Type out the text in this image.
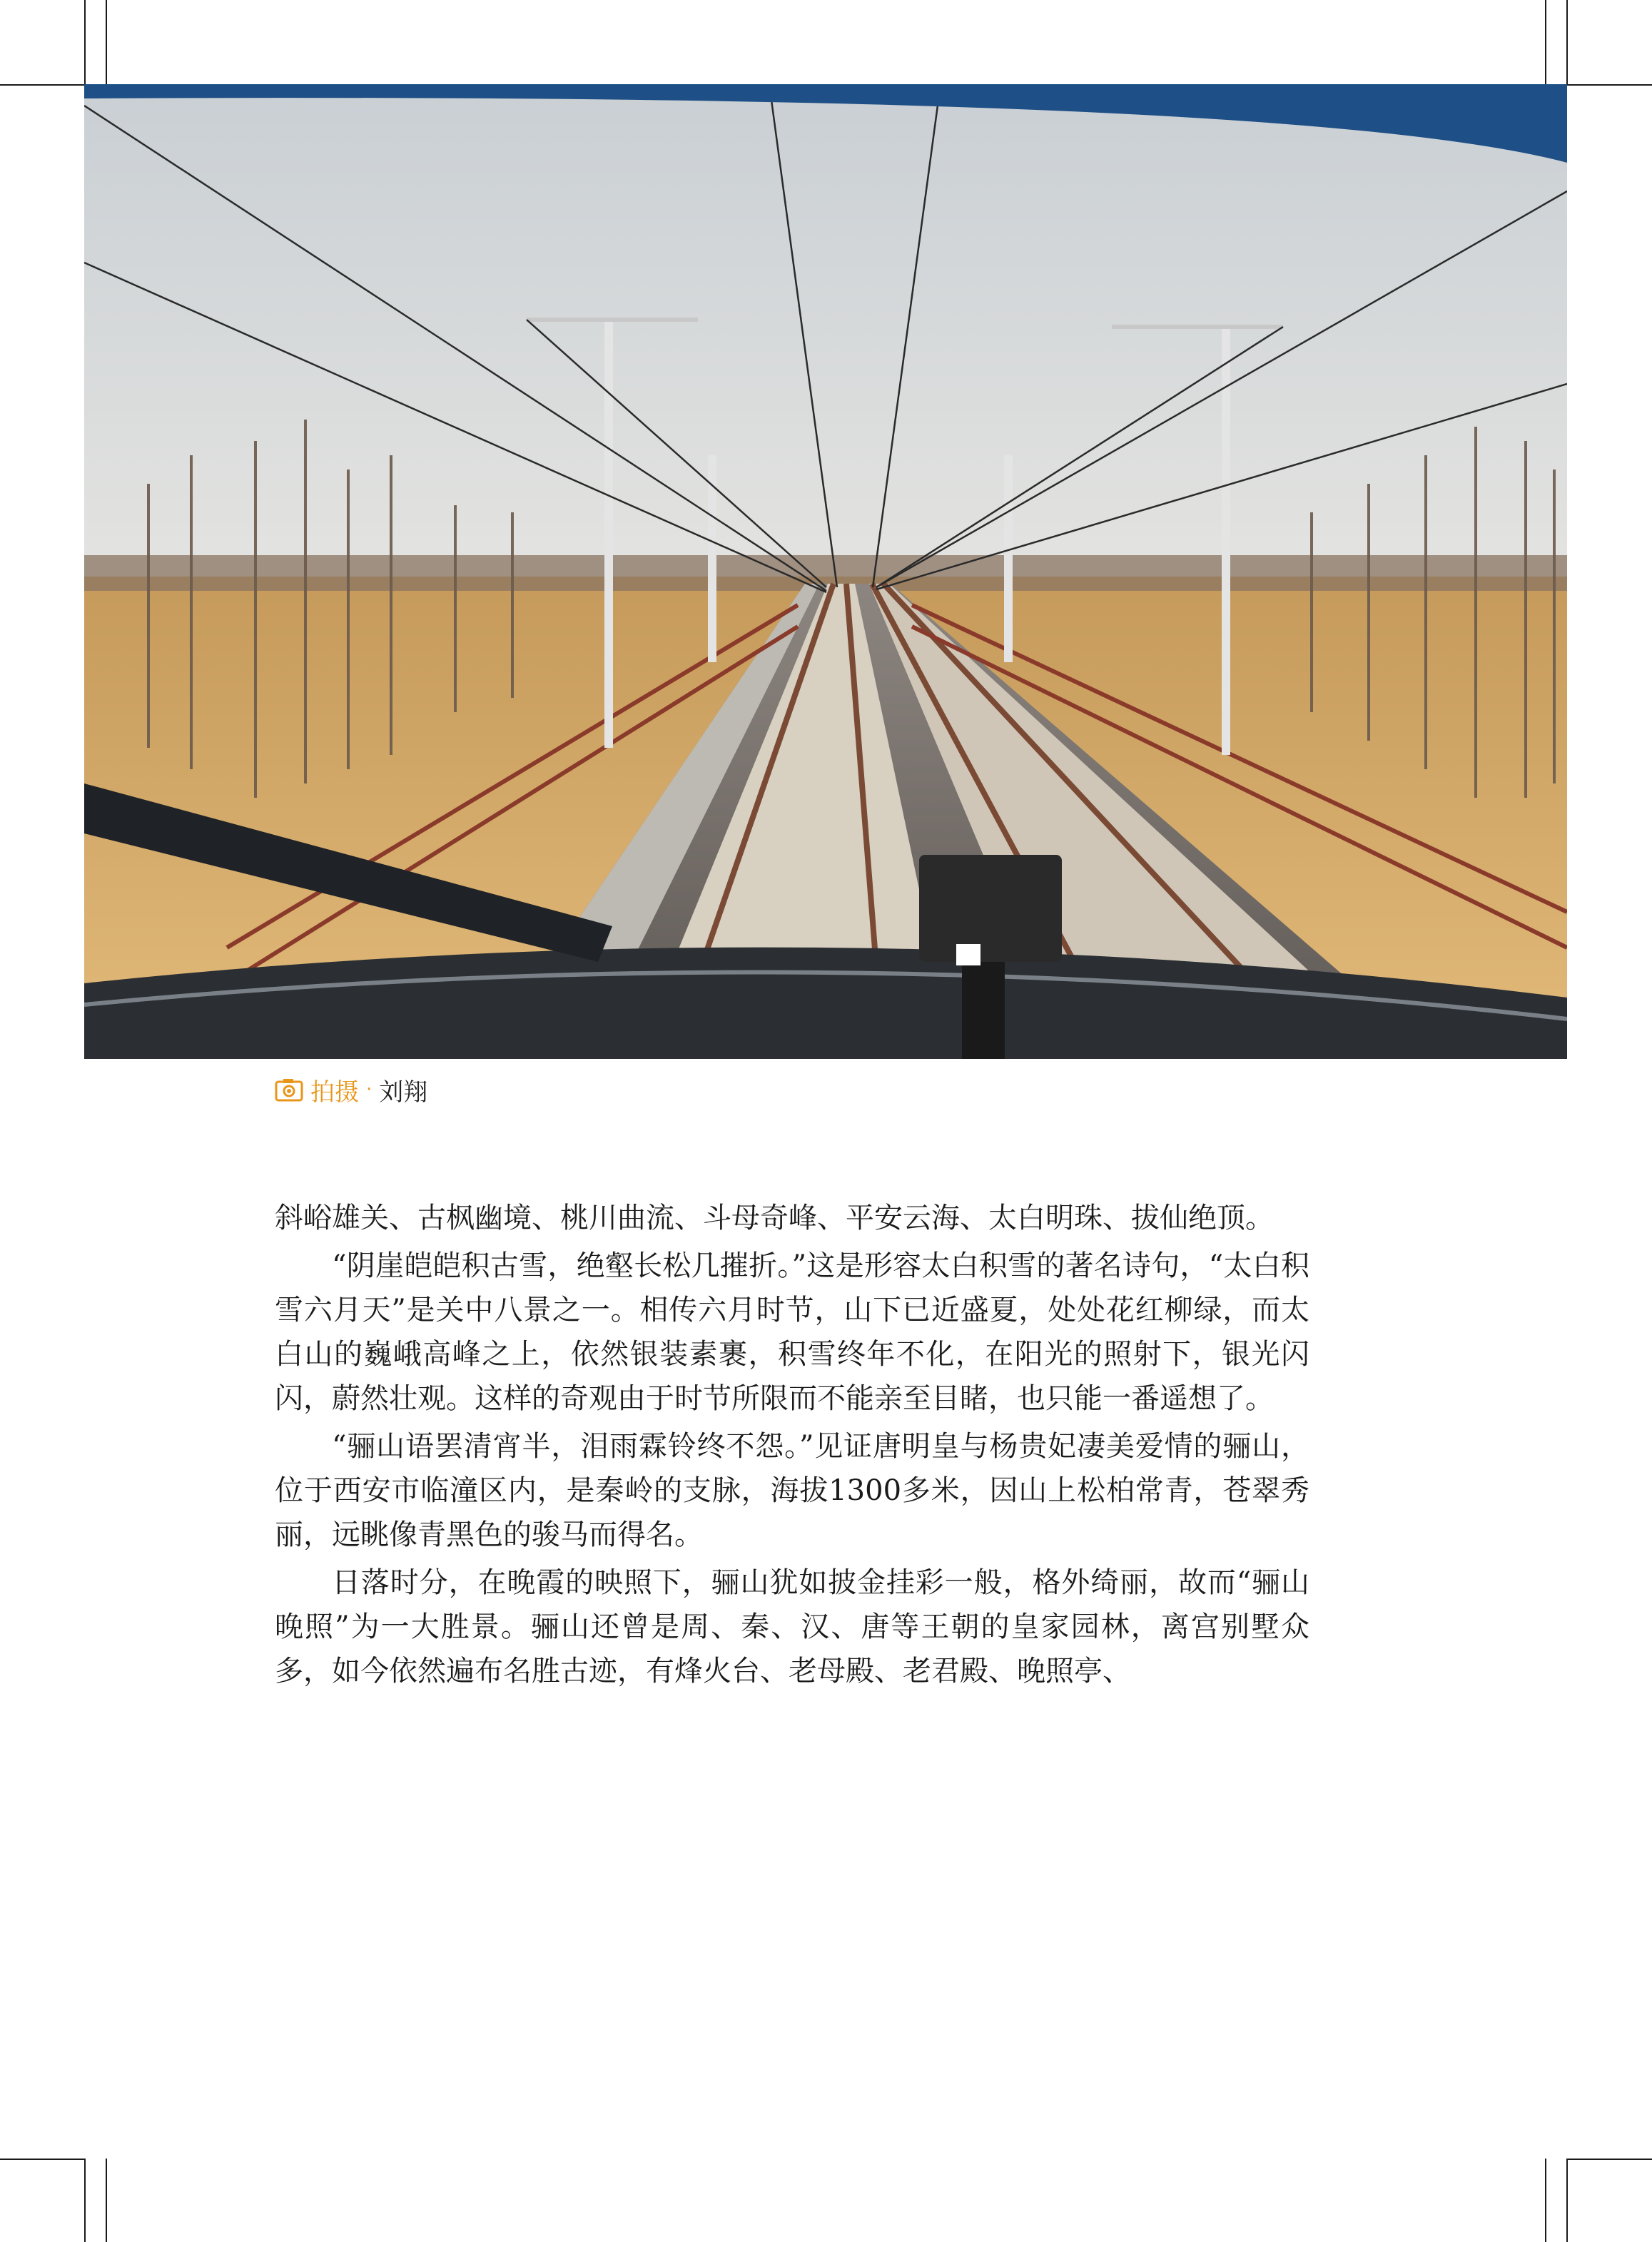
拍摄 · 刘翔

斜峪雄关、古枫幽境、桃川曲流、斗母奇峰、平安云海、太白明珠、拔仙绝顶。

“阴崖皑皑积古雪，绝壑长松几摧折。”这是形容太白积雪的著名诗句，“太白积雪六月天”是关中八景之一。相传六月时节，山下已近盛夏，处处花红柳绿，而太白山的巍峨高峰之上，依然银装素裹，积雪终年不化，在阳光的照射下，银光闪闪，蔚然壮观。这样的奇观由于时节所限而不能亲至目睹，也只能一番遥想了。

“骊山语罢清宵半，泪雨霖铃终不怨。”见证唐明皇与杨贵妃凄美爱情的骊山，位于西安市临潼区内，是秦岭的支脉，海拔1300多米，因山上松柏常青，苍翠秀丽，远眺像青黑色的骏马而得名。

日落时分，在晚霞的映照下，骊山犹如披金挂彩一般，格外绮丽，故而“骊山晚照”为一大胜景。骊山还曾是周、秦、汉、唐等王朝的皇家园林，离宫别墅众多，如今依然遍布名胜古迹，有烽火台、老母殿、老君殿、晚照亭、
